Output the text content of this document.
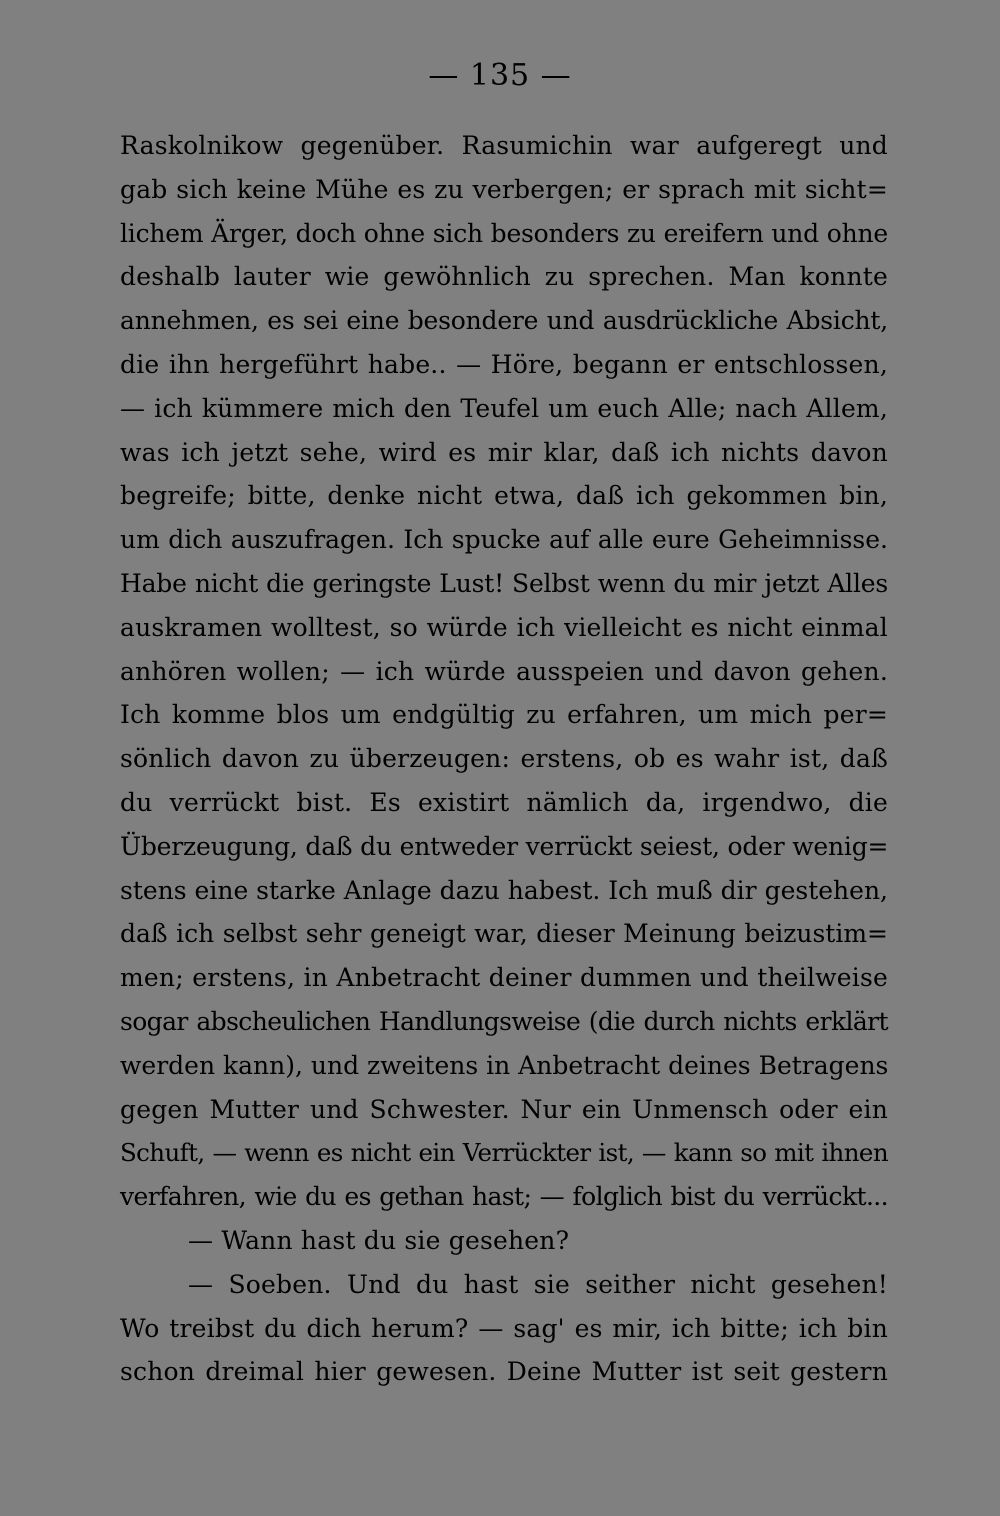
— 135 —
Raskolnikow gegenüber. Rasumichin war aufgeregt und
gab sich keine Mühe es zu verbergen; er sprach mit sicht=
lichem Ärger, doch ohne sich besonders zu ereifern und ohne
deshalb lauter wie gewöhnlich zu sprechen. Man konnte
annehmen, es sei eine besondere und ausdrückliche Absicht,
die ihn hergeführt habe.. — Höre, begann er entschlossen,
— ich kümmere mich den Teufel um euch Alle; nach Allem,
was ich jetzt sehe, wird es mir klar, daß ich nichts davon
begreife; bitte, denke nicht etwa, daß ich gekommen bin,
um dich auszufragen. Ich spucke auf alle eure Geheimnisse.
Habe nicht die geringste Lust! Selbst wenn du mir jetzt Alles
auskramen wolltest, so würde ich vielleicht es nicht einmal
anhören wollen; — ich würde ausspeien und davon gehen.
Ich komme blos um endgültig zu erfahren, um mich per=
sönlich davon zu überzeugen: erstens, ob es wahr ist, daß
du verrückt bist. Es existirt nämlich da, irgendwo, die
Überzeugung, daß du entweder verrückt seiest, oder wenig=
stens eine starke Anlage dazu habest. Ich muß dir gestehen,
daß ich selbst sehr geneigt war, dieser Meinung beizustim=
men; erstens, in Anbetracht deiner dummen und theilweise
sogar abscheulichen Handlungsweise (die durch nichts erklärt
werden kann), und zweitens in Anbetracht deines Betragens
gegen Mutter und Schwester. Nur ein Unmensch oder ein
Schuft, — wenn es nicht ein Verrückter ist, — kann so mit ihnen
verfahren, wie du es gethan hast; — folglich bist du verrückt...
— Wann hast du sie gesehen?
— Soeben. Und du hast sie seither nicht gesehen!
Wo treibst du dich herum? — sag' es mir, ich bitte; ich bin
schon dreimal hier gewesen. Deine Mutter ist seit gestern
